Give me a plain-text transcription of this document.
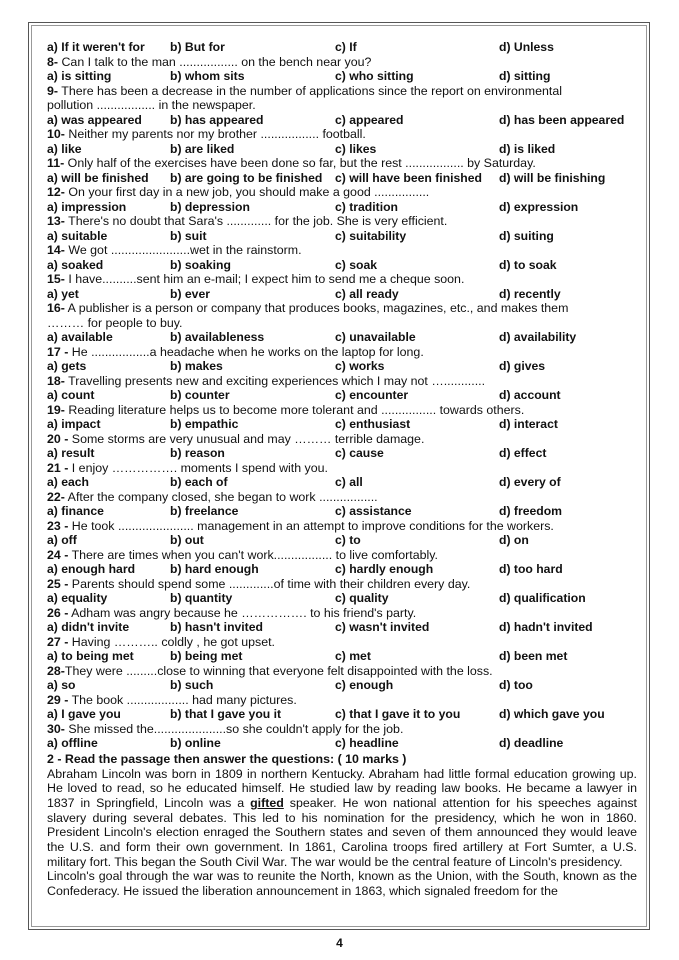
a) If it weren't for b) But for	c) If	d) Unless
8- Can I talk to the man ................. on the bench near you?
a) is sitting	b) whom sits	c) who sitting	d) sitting
9- There has been a decrease in the number of applications since the report on environmental
pollution ................. in the newspaper.
a) was appeared b) has appeared	c) appeared	d) has been appeared
10- Neither my parents nor my brother ................. football.
a) like	b) are liked	c) likes	d) is liked
11- Only half of the exercises have been done so far, but the rest ................. by Saturday.
a) will be finished b) are going to be finished c) will have been finished d) will be finishing
12- On your first day in a new job, you should make a good ................
a) impression	b) depression	c) tradition	d) expression
13- There's no doubt that Sara's ............. for the job. She is very efficient.
a) suitable	b) suit	c) suitability	d) suiting
14- We got .......................wet in the rainstorm.
a) soaked	b) soaking	c) soak	d) to soak
15- I have..........sent him an e-mail; I expect him to send me a cheque soon.
a) yet	b) ever	c) all ready	d) recently
16- A publisher is a person or company that produces books, magazines, etc., and makes them
……… for people to buy.
a) available	b) availableness	c) unavailable	d) availability
17 - He .................a headache when he works on the laptop for long.
a) gets	b) makes	c) works	d) gives
18- Travelling presents new and exciting experiences which I may not …............
a) count	b) counter	c) encounter	d) account
19- Reading literature helps us to become more tolerant and ................ towards others.
a) impact	b) empathic	c) enthusiast	d) interact
20 - Some storms are very unusual and may ……… terrible damage.
a) result	b) reason	c) cause	d) effect
21 - I enjoy ……………. moments I spend with you.
a) each	b) each of	c) all	d) every of
22- After the company closed, she began to work .................
a) finance	b) freelance	c) assistance	d) freedom
23 - He took ...................... management in an attempt to improve conditions for the workers.
a) off	b) out	c) to	d) on
24 - There are times when you can't work................. to live comfortably.
a) enough hard	b) hard enough	c) hardly enough	d) too hard
25 - Parents should spend some .............of time with their children every day.
a) equality	b) quantity	c) quality	d) qualification
26 - Adham was angry because he ……………. to his friend's party.
a) didn't invite	b) hasn't invited	c) wasn't invited	d) hadn't invited
27 - Having ……….. coldly , he got upset.
a) to being met	b) being met	c) met	d) been met
28-They were .........close to winning that everyone felt disappointed with the loss.
a) so	b) such	c) enough	d) too
29 - The book .................. had many pictures.
a) I gave you	b) that I gave you it	c) that I gave it to you	d) which gave you
30- She missed the.....................so she couldn't apply for the job.
a) offline	b) online	c) headline	d) deadline
2 - Read the passage then answer the questions: ( 10 marks )
Abraham Lincoln was born in 1809 in northern Kentucky. Abraham had little formal education growing up. He loved to read, so he educated himself. He studied law by reading law books. He became a lawyer in 1837 in Springfield, Lincoln was a gifted speaker. He won national attention for his speeches against slavery during several debates. This led to his nomination for the presidency, which he won in 1860. President Lincoln's election enraged the Southern states and seven of them announced they would leave the U.S. and form their own government. In 1861, Carolina troops fired artillery at Fort Sumter, a U.S. military fort. This began the South Civil War. The war would be the central feature of Lincoln's presidency.
Lincoln's goal through the war was to reunite the North, known as the Union, with the South, known as the Confederacy. He issued the liberation announcement in 1863, which signaled freedom for the
4
